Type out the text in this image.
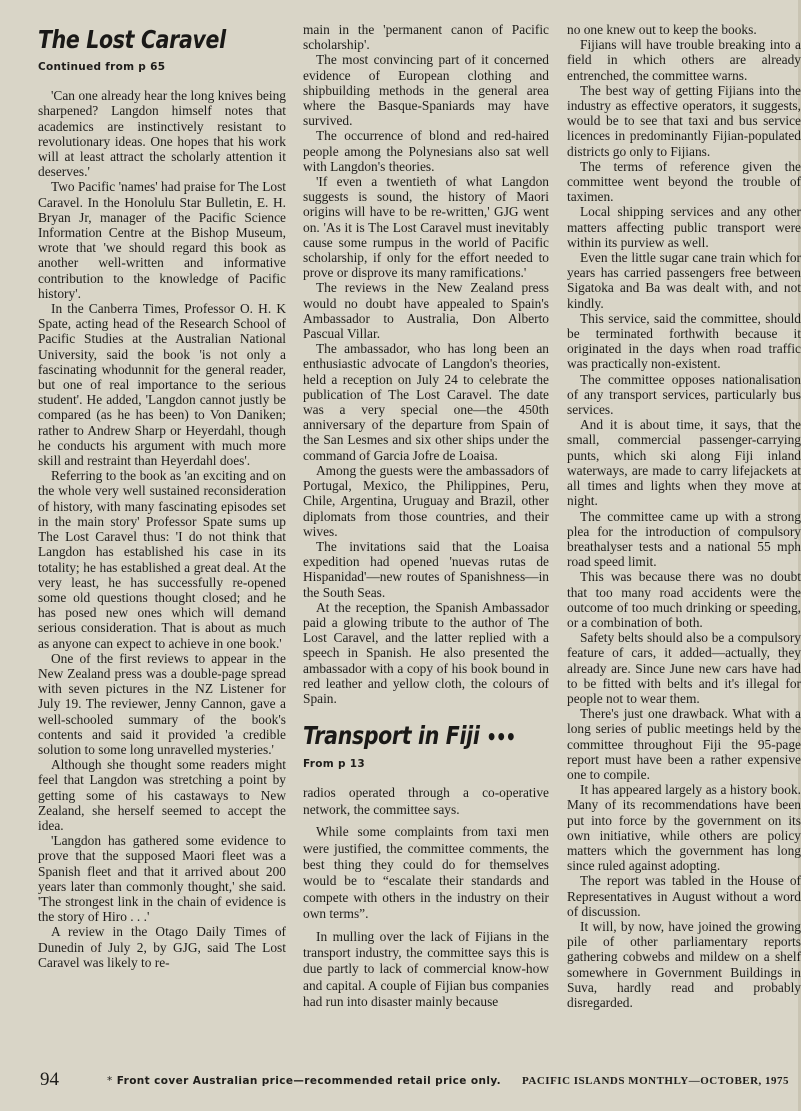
The Lost Caravel
Continued from p 65

'Can one already hear the long knives being sharpened? Langdon himself notes that academics are instinctively resistant to revolutionary ideas. One hopes that his work will at least attract the scholarly attention it deserves.'

Two Pacific 'names' had praise for The Lost Caravel. In the Honolulu Star Bulletin, E. H. Bryan Jr, manager of the Pacific Science Information Centre at the Bishop Museum, wrote that 'we should regard this book as another well-written and informative contribution to the knowledge of Pacific history'.

In the Canberra Times, Professor O. H. K Spate, acting head of the Research School of Pacific Studies at the Australian National University, said the book 'is not only a fascinating whodunnit for the general reader, but one of real importance to the serious student'. He added, 'Langdon cannot justly be compared (as he has been) to Von Daniken; rather to Andrew Sharp or Heyerdahl, though he conducts his argument with much more skill and restraint than Heyerdahl does'.

Referring to the book as 'an exciting and on the whole very well sustained reconsideration of history, with many fascinating episodes set in the main story' Professor Spate sums up The Lost Caravel thus: 'I do not think that Langdon has established his case in its totality; he has established a great deal. At the very least, he has successfully re-opened some old questions thought closed; and he has posed new ones which will demand serious consideration. That is about as much as anyone can expect to achieve in one book.'

One of the first reviews to appear in the New Zealand press was a double-page spread with seven pictures in the NZ Listener for July 19. The reviewer, Jenny Cannon, gave a well-schooled summary of the book's contents and said it provided 'a credible solution to some long unravelled mysteries.'

Although she thought some readers might feel that Langdon was stretching a point by getting some of his castaways to New Zealand, she herself seemed to accept the idea.

'Langdon has gathered some evidence to prove that the supposed Maori fleet was a Spanish fleet and that it arrived about 200 years later than commonly thought,' she said. 'The strongest link in the chain of evidence is the story of Hiro . . .'

A review in the Otago Daily Times of Dunedin of July 2, by GJG, said The Lost Caravel was likely to re-

main in the 'permanent canon of Pacific scholarship'.

The most convincing part of it concerned evidence of European clothing and shipbuilding methods in the general area where the Basque-Spaniards may have survived.

The occurrence of blond and red-haired people among the Polynesians also sat well with Langdon's theories.

'If even a twentieth of what Langdon suggests is sound, the history of Maori origins will have to be re-written,' GJG went on. 'As it is The Lost Caravel must inevitably cause some rumpus in the world of Pacific scholarship, if only for the effort needed to prove or disprove its many ramifications.'

The reviews in the New Zealand press would no doubt have appealed to Spain's Ambassador to Australia, Don Alberto Pascual Villar.

The ambassador, who has long been an enthusiastic advocate of Langdon's theories, held a reception on July 24 to celebrate the publication of The Lost Caravel. The date was a very special one—the 450th anniversary of the departure from Spain of the San Lesmes and six other ships under the command of Garcia Jofre de Loaisa.

Among the guests were the ambassadors of Portugal, Mexico, the Philippines, Peru, Chile, Argentina, Uruguay and Brazil, other diplomats from those countries, and their wives.

The invitations said that the Loaisa expedition had opened 'nuevas rutas de Hispanidad'—new routes of Spanishness—in the South Seas.

At the reception, the Spanish Ambassador paid a glowing tribute to the author of The Lost Caravel, and the latter replied with a speech in Spanish. He also presented the ambassador with a copy of his book bound in red leather and yellow cloth, the colours of Spain.

Transport in Fiji •••
From p 13

radios operated through a co-operative network, the committee says.

While some complaints from taxi men were justified, the committee comments, the best thing they could do for themselves would be to “escalate their standards and compete with others in the industry on their own terms”.

In mulling over the lack of Fijians in the transport industry, the committee says this is due partly to lack of commercial know-how and capital. A couple of Fijian bus companies had run into disaster mainly because

no one knew out to keep the books.

Fijians will have trouble breaking into a field in which others are already entrenched, the committee warns.

The best way of getting Fijians into the industry as effective operators, it suggests, would be to see that taxi and bus service licences in predominantly Fijian-populated districts go only to Fijians.

The terms of reference given the committee went beyond the trouble of taximen.

Local shipping services and any other matters affecting public transport were within its purview as well.

Even the little sugar cane train which for years has carried passengers free between Sigatoka and Ba was dealt with, and not kindly.

This service, said the committee, should be terminated forthwith because it originated in the days when road traffic was practically non-existent.

The committee opposes nationalisation of any transport services, particularly bus services.

And it is about time, it says, that the small, commercial passenger-carrying punts, which ski along Fiji inland waterways, are made to carry lifejackets at all times and lights when they move at night.

The committee came up with a strong plea for the introduction of compulsory breathalyser tests and a national 55 mph road speed limit.

This was because there was no doubt that too many road accidents were the outcome of too much drinking or speeding, or a combination of both.

Safety belts should also be a compulsory feature of cars, it added—actually, they already are. Since June new cars have had to be fitted with belts and it's illegal for people not to wear them.

There's just one drawback. What with a long series of public meetings held by the committee throughout Fiji the 95-page report must have been a rather expensive one to compile.

It has appeared largely as a history book. Many of its recommendations have been put into force by the government on its own initiative, while others are policy matters which the government has long since ruled against adopting.

The report was tabled in the House of Representatives in August without a word of discussion.

It will, by now, have joined the growing pile of other parliamentary reports gathering cobwebs and mildew on a shelf somewhere in Government Buildings in Suva, hardly read and probably disregarded.

94	* Front cover Australian price—recommended retail price only. PACIFIC ISLANDS MONTHLY—OCTOBER, 1975
